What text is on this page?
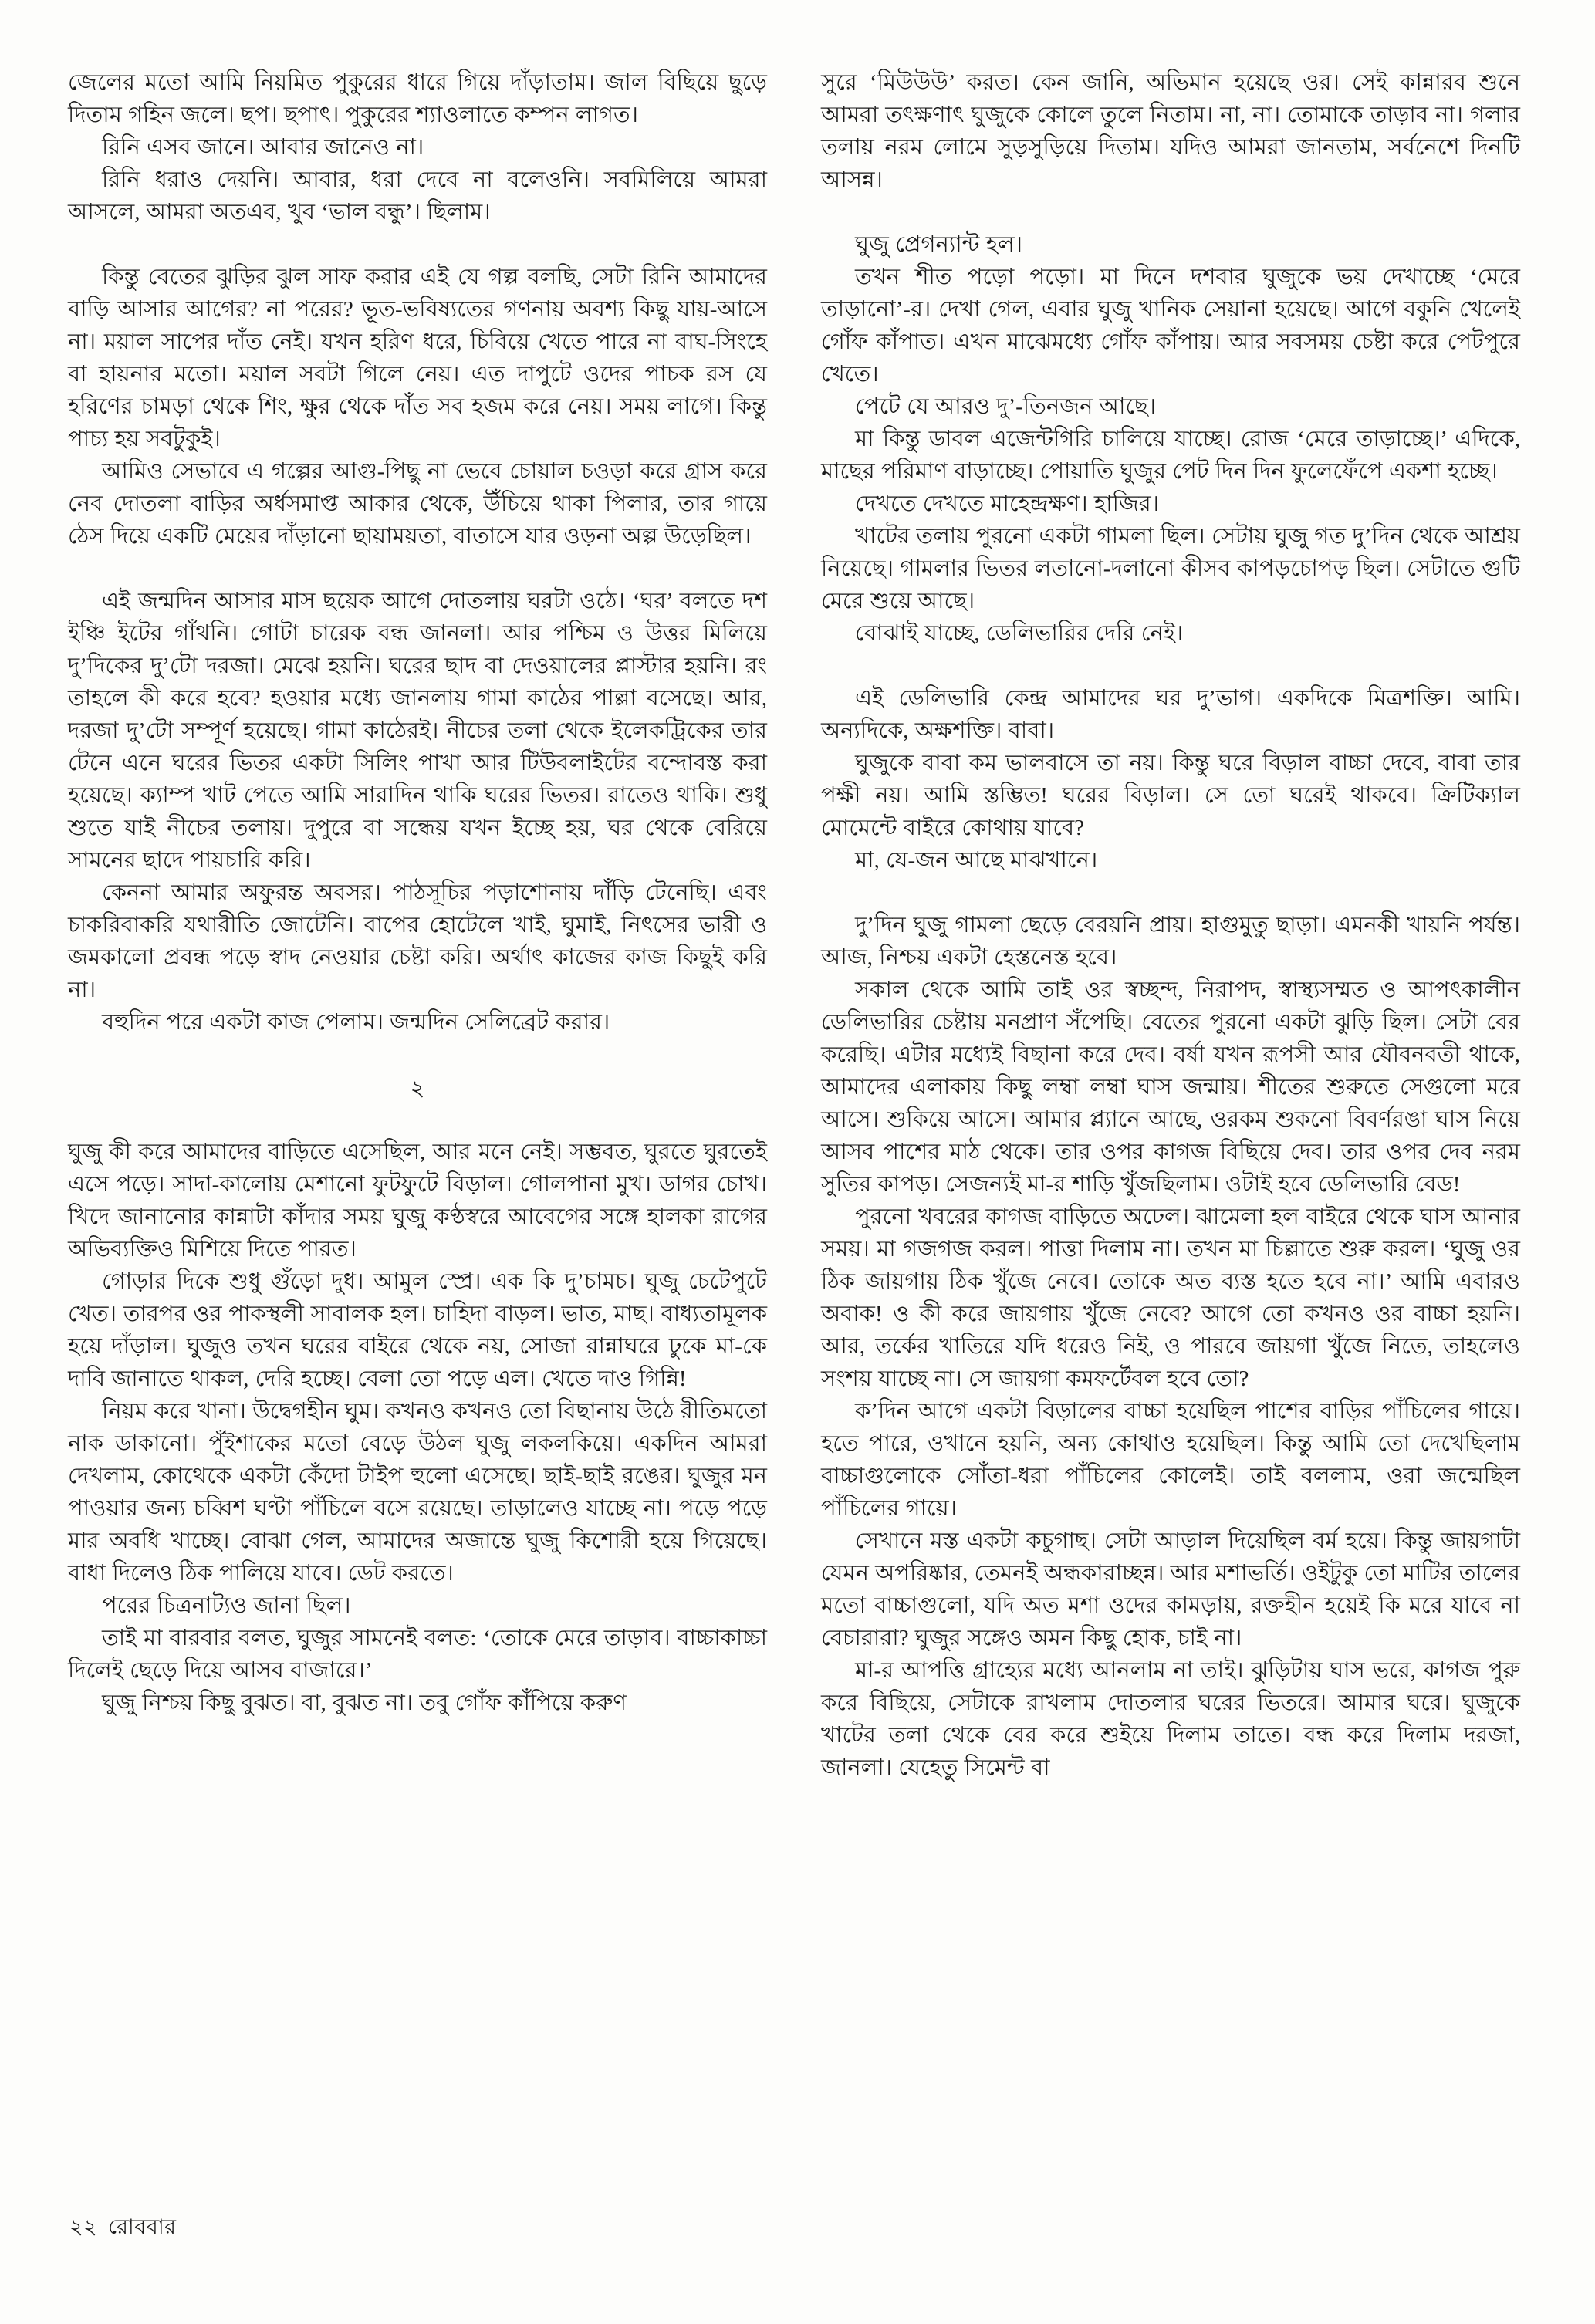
জেলের মতো আমি নিয়মিত পুকুরের ধারে গিয়ে দাঁড়াতাম। জাল বিছিয়ে ছুড়ে দিতাম গহিন জলে। ছপ। ছপাৎ। পুকুরের শ্যাওলাতে কম্পন লাগত।

রিনি এসব জানে। আবার জানেও না।

রিনি ধরাও দেয়নি। আবার, ধরা দেবে না বলেওনি। সবমিলিয়ে আমরা আসলে, আমরা অতএব, খুব ‘ভাল বন্ধু’। ছিলাম।

কিন্তু বেতের ঝুড়ির ঝুল সাফ করার এই যে গল্প বলছি, সেটা রিনি আমাদের বাড়ি আসার আগের? না পরের? ভূত-ভবিষ্যতের গণনায় অবশ্য কিছু যায়-আসে না। ময়াল সাপের দাঁত নেই। যখন হরিণ ধরে, চিবিয়ে খেতে পারে না বাঘ-সিংহে বা হায়নার মতো। ময়াল সবটা গিলে নেয়। এত দাপুটে ওদের পাচক রস যে হরিণের চামড়া থেকে শিং, ক্ষুর থেকে দাঁত সব হজম করে নেয়। সময় লাগে। কিন্তু পাচ্য হয় সবটুকুই।

আমিও সেভাবে এ গল্পের আগু-পিছু না ভেবে চোয়াল চওড়া করে গ্রাস করে নেব দোতলা বাড়ির অর্ধসমাপ্ত আকার থেকে, উঁচিয়ে থাকা পিলার, তার গায়ে ঠেস দিয়ে একটি মেয়ের দাঁড়ানো ছায়াময়তা, বাতাসে যার ওড়না অল্প উড়েছিল।

এই জন্মদিন আসার মাস ছয়েক আগে দোতলায় ঘরটা ওঠে। ‘ঘর’ বলতে দশ ইঞ্চি ইটের গাঁথনি। গোটা চারেক বন্ধ জানলা। আর পশ্চিম ও উত্তর মিলিয়ে দু’দিকের দু’টো দরজা। মেঝে হয়নি। ঘরের ছাদ বা দেওয়ালের প্লাস্টার হয়নি। রং তাহলে কী করে হবে? হওয়ার মধ্যে জানলায় গামা কাঠের পাল্লা বসেছে। আর, দরজা দু’টো সম্পূর্ণ হয়েছে। গামা কাঠেরই। নীচের তলা থেকে ইলেকট্রিকের তার টেনে এনে ঘরের ভিতর একটা সিলিং পাখা আর টিউবলাইটের বন্দোবস্ত করা হয়েছে। ক্যাম্প খাট পেতে আমি সারাদিন থাকি ঘরের ভিতর। রাতেও থাকি। শুধু শুতে যাই নীচের তলায়। দুপুরে বা সন্ধেয় যখন ইচ্ছে হয়, ঘর থেকে বেরিয়ে সামনের ছাদে পায়চারি করি।

কেননা আমার অফুরন্ত অবসর। পাঠসূচির পড়াশোনায় দাঁড়ি টেনেছি। এবং চাকরিবাকরি যথারীতি জোটেনি। বাপের হোটেলে খাই, ঘুমাই, নিৎসের ভারী ও জমকালো প্রবন্ধ পড়ে স্বাদ নেওয়ার চেষ্টা করি। অর্থাৎ কাজের কাজ কিছুই করি না।

বহুদিন পরে একটা কাজ পেলাম। জন্মদিন সেলিব্রেট করার।

২

ঘুজু কী করে আমাদের বাড়িতে এসেছিল, আর মনে নেই। সম্ভবত, ঘুরতে ঘুরতেই এসে পড়ে। সাদা-কালোয় মেশানো ফুটফুটে বিড়াল। গোলপানা মুখ। ডাগর চোখ। খিদে জানানোর কান্নাটা কাঁদার সময় ঘুজু কণ্ঠস্বরে আবেগের সঙ্গে হালকা রাগের অভিব্যক্তিও মিশিয়ে দিতে পারত।

গোড়ার দিকে শুধু গুঁড়ো দুধ। আমুল স্প্রে। এক কি দু’চামচ। ঘুজু চেটেপুটে খেত। তারপর ওর পাকস্থলী সাবালক হল। চাহিদা বাড়ল। ভাত, মাছ। বাধ্যতামূলক হয়ে দাঁড়াল। ঘুজুও তখন ঘরের বাইরে থেকে নয়, সোজা রান্নাঘরে ঢুকে মা-কে দাবি জানাতে থাকল, দেরি হচ্ছে। বেলা তো পড়ে এল। খেতে দাও গিন্নি!

নিয়ম করে খানা। উদ্বেগহীন ঘুম। কখনও কখনও তো বিছানায় উঠে রীতিমতো নাক ডাকানো। পুঁইশাকের মতো বেড়ে উঠল ঘুজু লকলকিয়ে। একদিন আমরা দেখলাম, কোথেকে একটা কেঁদো টাইপ হুলো এসেছে। ছাই-ছাই রঙের। ঘুজুর মন পাওয়ার জন্য চব্বিশ ঘণ্টা পাঁচিলে বসে রয়েছে। তাড়ালেও যাচ্ছে না। পড়ে পড়ে মার অবধি খাচ্ছে। বোঝা গেল, আমাদের অজান্তে ঘুজু কিশোরী হয়ে গিয়েছে। বাধা দিলেও ঠিক পালিয়ে যাবে। ডেট করতে।

পরের চিত্রনাট্যও জানা ছিল।

তাই মা বারবার বলত, ঘুজুর সামনেই বলত: ‘তোকে মেরে তাড়াব। বাচ্চাকাচ্চা দিলেই ছেড়ে দিয়ে আসব বাজারে।’

ঘুজু নিশ্চয় কিছু বুঝত। বা, বুঝত না। তবু গোঁফ কাঁপিয়ে করুণ

সুরে ‘মিউউউ’ করত। কেন জানি, অভিমান হয়েছে ওর। সেই কান্নারব শুনে আমরা তৎক্ষণাৎ ঘুজুকে কোলে তুলে নিতাম। না, না। তোমাকে তাড়াব না। গলার তলায় নরম লোমে সুড়সুড়িয়ে দিতাম। যদিও আমরা জানতাম, সর্বনেশে দিনটি আসন্ন।

ঘুজু প্রেগন্যান্ট হল।

তখন শীত পড়ো পড়ো। মা দিনে দশবার ঘুজুকে ভয় দেখাচ্ছে ‘মেরে তাড়ানো’-র। দেখা গেল, এবার ঘুজু খানিক সেয়ানা হয়েছে। আগে বকুনি খেলেই গোঁফ কাঁপাত। এখন মাঝেমধ্যে গোঁফ কাঁপায়। আর সবসময় চেষ্টা করে পেটপুরে খেতে।

পেটে যে আরও দু’-তিনজন আছে।

মা কিন্তু ডাবল এজেন্টগিরি চালিয়ে যাচ্ছে। রোজ ‘মেরে তাড়াচ্ছে।’ এদিকে, মাছের পরিমাণ বাড়াচ্ছে। পোয়াতি ঘুজুর পেট দিন দিন ফুলেফেঁপে একশা হচ্ছে।

দেখতে দেখতে মাহেন্দ্রক্ষণ। হাজির।

খাটের তলায় পুরনো একটা গামলা ছিল। সেটায় ঘুজু গত দু’দিন থেকে আশ্রয় নিয়েছে। গামলার ভিতর লতানো-দলানো কীসব কাপড়চোপড় ছিল। সেটাতে গুটি মেরে শুয়ে আছে।

বোঝাই যাচ্ছে, ডেলিভারির দেরি নেই।

এই ডেলিভারি কেন্দ্র আমাদের ঘর দু’ভাগ। একদিকে মিত্রশক্তি। আমি। অন্যদিকে, অক্ষশক্তি। বাবা।

ঘুজুকে বাবা কম ভালবাসে তা নয়। কিন্তু ঘরে বিড়াল বাচ্চা দেবে, বাবা তার পক্ষী নয়। আমি স্তম্ভিত! ঘরের বিড়াল। সে তো ঘরেই থাকবে। ক্রিটিক্যাল মোমেন্টে বাইরে কোথায় যাবে?

মা, যে-জন আছে মাঝখানে।

দু’দিন ঘুজু গামলা ছেড়ে বেরয়নি প্রায়। হাগুমুতু ছাড়া। এমনকী খায়নি পর্যন্ত। আজ, নিশ্চয় একটা হেস্তনেস্ত হবে।

সকাল থেকে আমি তাই ওর স্বচ্ছন্দ, নিরাপদ, স্বাস্থ্যসম্মত ও আপৎকালীন ডেলিভারির চেষ্টায় মনপ্রাণ সঁপেছি। বেতের পুরনো একটা ঝুড়ি ছিল। সেটা বের করেছি। এটার মধ্যেই বিছানা করে দেব। বর্ষা যখন রূপসী আর যৌবনবতী থাকে, আমাদের এলাকায় কিছু লম্বা লম্বা ঘাস জন্মায়। শীতের শুরুতে সেগুলো মরে আসে। শুকিয়ে আসে। আমার প্ল্যানে আছে, ওরকম শুকনো বিবর্ণরঙা ঘাস নিয়ে আসব পাশের মাঠ থেকে। তার ওপর কাগজ বিছিয়ে দেব। তার ওপর দেব নরম সুতির কাপড়। সেজন্যই মা-র শাড়ি খুঁজছিলাম। ওটাই হবে ডেলিভারি বেড!

পুরনো খবরের কাগজ বাড়িতে অঢেল। ঝামেলা হল বাইরে থেকে ঘাস আনার সময়। মা গজগজ করল। পাত্তা দিলাম না। তখন মা চিল্লাতে শুরু করল। ‘ঘুজু ওর ঠিক জায়গায় ঠিক খুঁজে নেবে। তোকে অত ব্যস্ত হতে হবে না।’ আমি এবারও অবাক! ও কী করে জায়গায় খুঁজে নেবে? আগে তো কখনও ওর বাচ্চা হয়নি। আর, তর্কের খাতিরে যদি ধরেও নিই, ও পারবে জায়গা খুঁজে নিতে, তাহলেও সংশয় যাচ্ছে না। সে জায়গা কমফর্টেবল হবে তো?

ক’দিন আগে একটা বিড়ালের বাচ্চা হয়েছিল পাশের বাড়ির পাঁচিলের গায়ে। হতে পারে, ওখানে হয়নি, অন্য কোথাও হয়েছিল। কিন্তু আমি তো দেখেছিলাম বাচ্চাগুলোকে সোঁতা-ধরা পাঁচিলের কোলেই। তাই বললাম, ওরা জন্মেছিল পাঁচিলের গায়ে।

সেখানে মস্ত একটা কচুগাছ। সেটা আড়াল দিয়েছিল বর্ম হয়ে। কিন্তু জায়গাটা যেমন অপরিষ্কার, তেমনই অন্ধকারাচ্ছন্ন। আর মশাভর্তি। ওইটুকু তো মাটির তালের মতো বাচ্চাগুলো, যদি অত মশা ওদের কামড়ায়, রক্তহীন হয়েই কি মরে যাবে না বেচারারা? ঘুজুর সঙ্গেও অমন কিছু হোক, চাই না।

মা-র আপত্তি গ্রাহ্যের মধ্যে আনলাম না তাই। ঝুড়িটায় ঘাস ভরে, কাগজ পুরু করে বিছিয়ে, সেটাকে রাখলাম দোতলার ঘরের ভিতরে। আমার ঘরে। ঘুজুকে খাটের তলা থেকে বের করে শুইয়ে দিলাম তাতে। বন্ধ করে দিলাম দরজা, জানলা। যেহেতু সিমেন্ট বা

২২ রোববার
